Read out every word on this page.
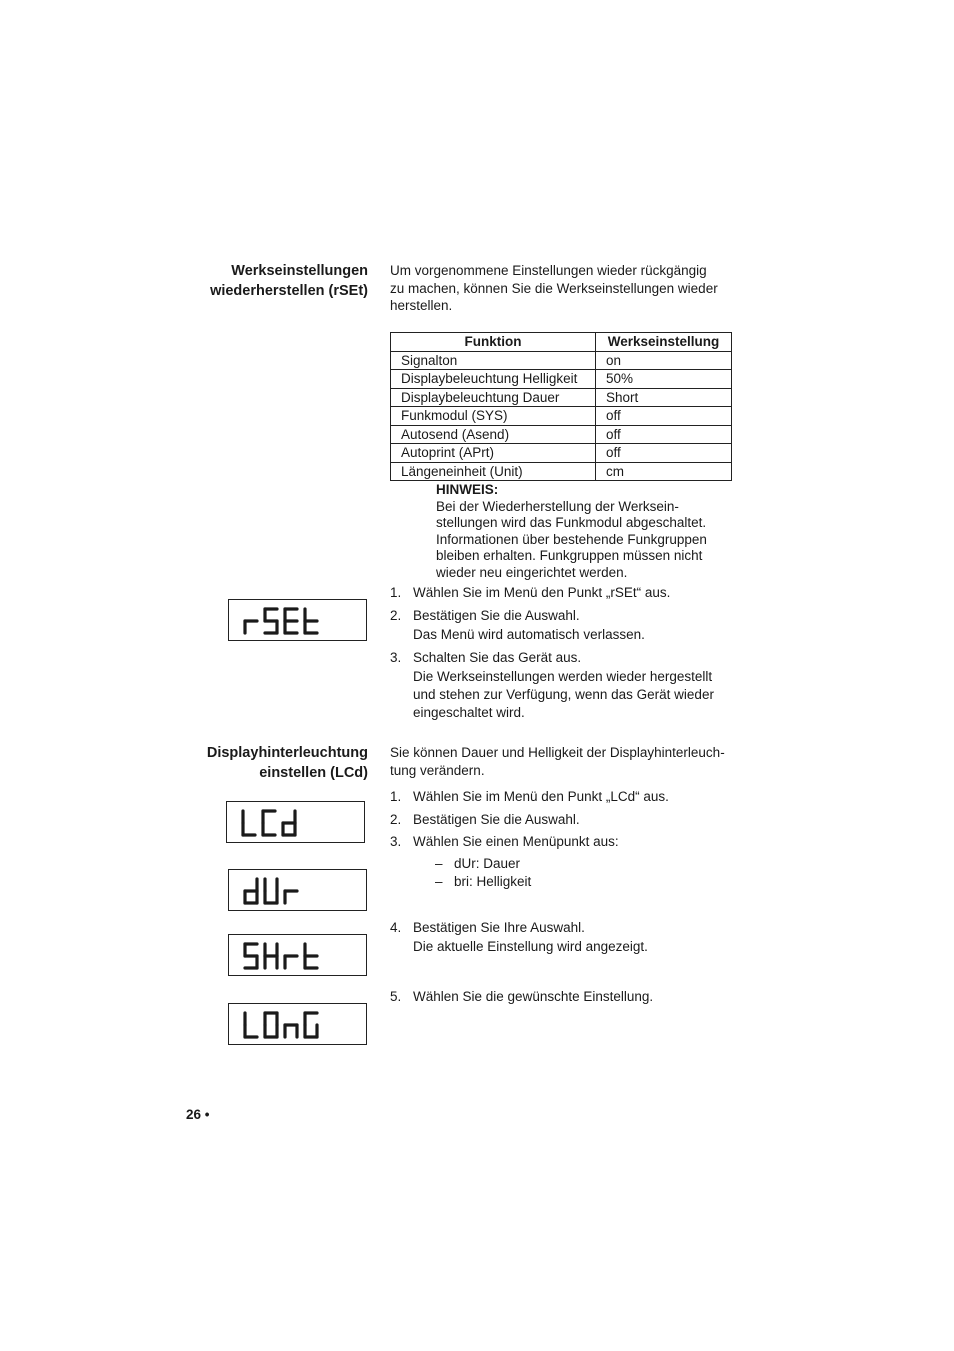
Werkseinstellungen
wiederherstellen (rSEt)
Um vorgenommene Einstellungen wieder rückgängig
zu machen, können Sie die Werkseinstellungen wieder
herstellen.
Funktion	Werkseinstellung
Signalton	on
Displaybeleuchtung Helligkeit	50%
Displaybeleuchtung Dauer	Short
Funkmodul (SYS)	off
Autosend (Asend)	off
Autoprint (APrt)	off
Längeneinheit (Unit)	cm
HINWEIS:
Bei der Wiederherstellung der Werksein-
stellungen wird das Funkmodul abgeschaltet.
Informationen über bestehende Funkgruppen
bleiben erhalten. Funkgruppen müssen nicht
wieder neu eingerichtet werden.
1. Wählen Sie im Menü den Punkt „rSEt“ aus.
2. Bestätigen Sie die Auswahl.
Das Menü wird automatisch verlassen.
3. Schalten Sie das Gerät aus.
Die Werkseinstellungen werden wieder hergestellt
und stehen zur Verfügung, wenn das Gerät wieder
eingeschaltet wird.
Displayhinterleuchtung
einstellen (LCd)
Sie können Dauer und Helligkeit der Displayhinterleuch-
tung verändern.
1. Wählen Sie im Menü den Punkt „LCd“ aus.
2. Bestätigen Sie die Auswahl.
3. Wählen Sie einen Menüpunkt aus:
– dUr: Dauer
– bri: Helligkeit
4. Bestätigen Sie Ihre Auswahl.
Die aktuelle Einstellung wird angezeigt.
5. Wählen Sie die gewünschte Einstellung.
26 •
